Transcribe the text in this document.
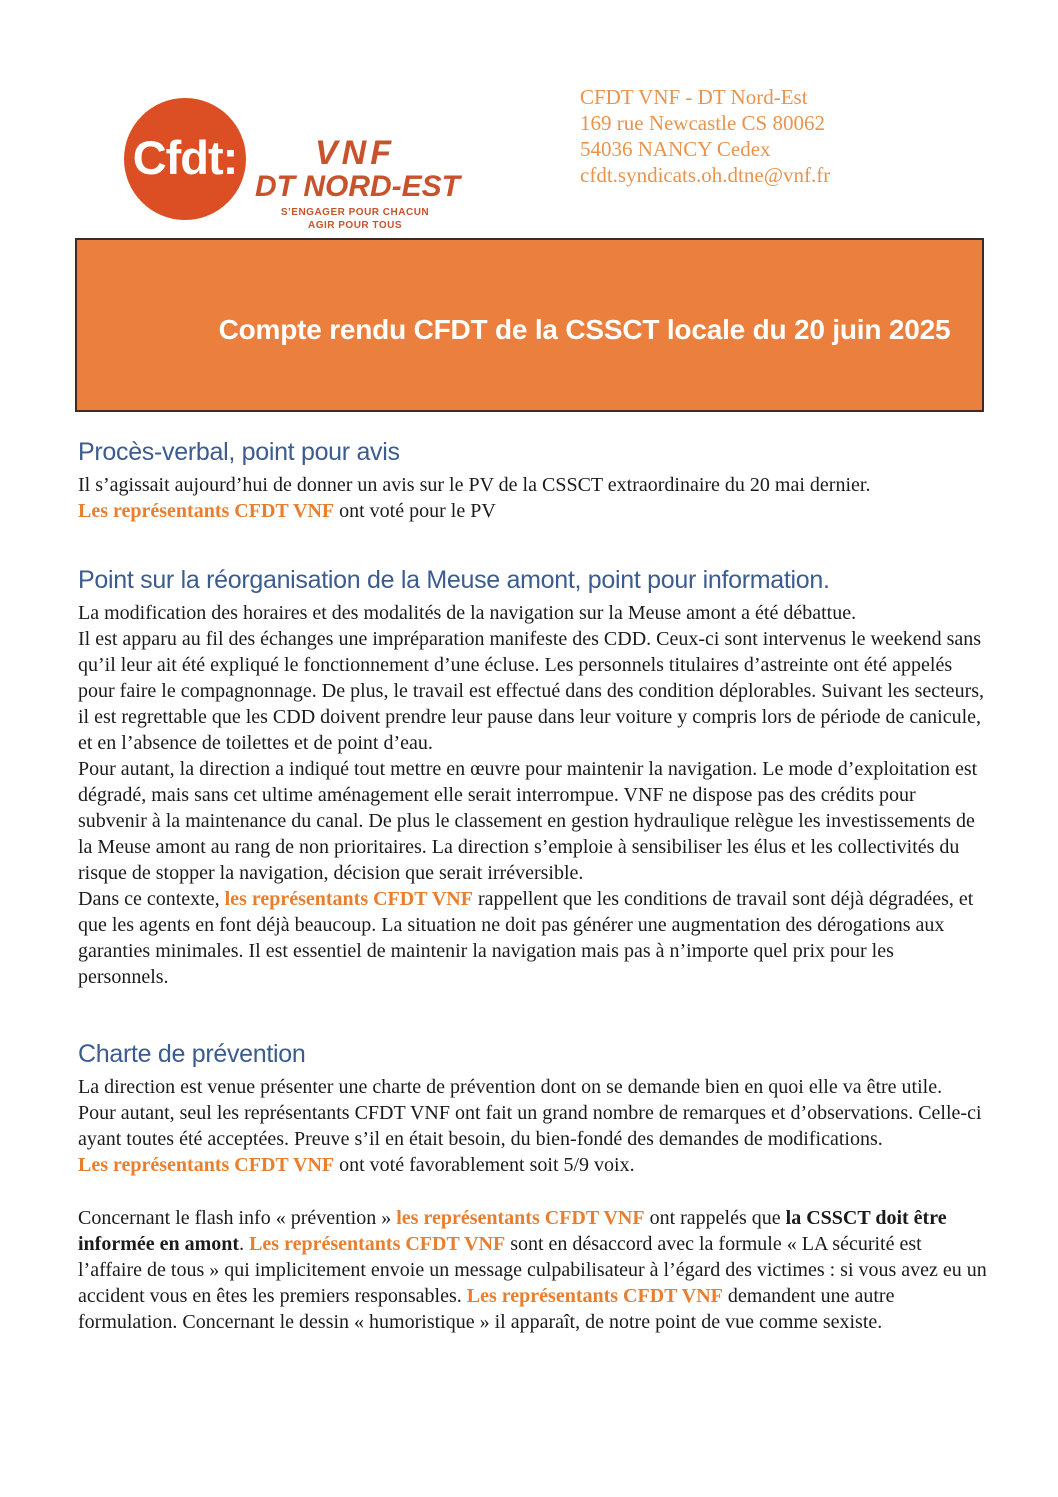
Cfdt:	VNF
DT NORD-EST
S’ENGAGER POUR CHACUN
AGIR POUR TOUS
CFDT VNF - DT Nord-Est
169 rue Newcastle CS 80062
54036 NANCY Cedex
cfdt.syndicats.oh.dtne@vnf.fr
Compte rendu CFDT de la CSSCT locale du 20 juin 2025
Procès-verbal, point pour avis

Il s’agissait aujourd’hui de donner un avis sur le PV de la CSSCT extraordinaire du 20 mai dernier.

Les représentants CFDT VNF ont voté pour le PV

Point sur la réorganisation de la Meuse amont, point pour information.

La modification des horaires et des modalités de la navigation sur la Meuse amont a été débattue.

Il est apparu au fil des échanges une impréparation manifeste des CDD. Ceux-ci sont intervenus le weekend sans qu’il leur ait été expliqué le fonctionnement d’une écluse. Les personnels titulaires d’astreinte ont été appelés pour faire le compagnonnage. De plus, le travail est effectué dans des condition déplorables. Suivant les secteurs, il est regrettable que les CDD doivent prendre leur pause dans leur voiture y compris lors de période de canicule, et en l’absence de toilettes et de point d’eau.

Pour autant, la direction a indiqué tout mettre en œuvre pour maintenir la navigation. Le mode d’exploitation est dégradé, mais sans cet ultime aménagement elle serait interrompue. VNF ne dispose pas des crédits pour subvenir à la maintenance du canal. De plus le classement en gestion hydraulique relègue les investissements de la Meuse amont au rang de non prioritaires. La direction s’emploie à sensibiliser les élus et les collectivités du risque de stopper la navigation, décision que serait irréversible.

Dans ce contexte, les représentants CFDT VNF rappellent que les conditions de travail sont déjà dégradées, et que les agents en font déjà beaucoup. La situation ne doit pas générer une augmentation des dérogations aux garanties minimales. Il est essentiel de maintenir la navigation mais pas à n’importe quel prix pour les personnels.

Charte de prévention

La direction est venue présenter une charte de prévention dont on se demande bien en quoi elle va être utile.

Pour autant, seul les représentants CFDT VNF ont fait un grand nombre de remarques et d’observations. Celle-ci ayant toutes été acceptées. Preuve s’il en était besoin, du bien-fondé des demandes de modifications.

Les représentants CFDT VNF ont voté favorablement soit 5/9 voix.

Concernant le flash info « prévention » les représentants CFDT VNF ont rappelés que la CSSCT doit être informée en amont. Les représentants CFDT VNF sont en désaccord avec la formule « LA sécurité est l’affaire de tous » qui implicitement envoie un message culpabilisateur à l’égard des victimes : si vous avez eu un accident vous en êtes les premiers responsables. Les représentants CFDT VNF demandent une autre formulation. Concernant le dessin « humoristique » il apparaît, de notre point de vue comme sexiste.
